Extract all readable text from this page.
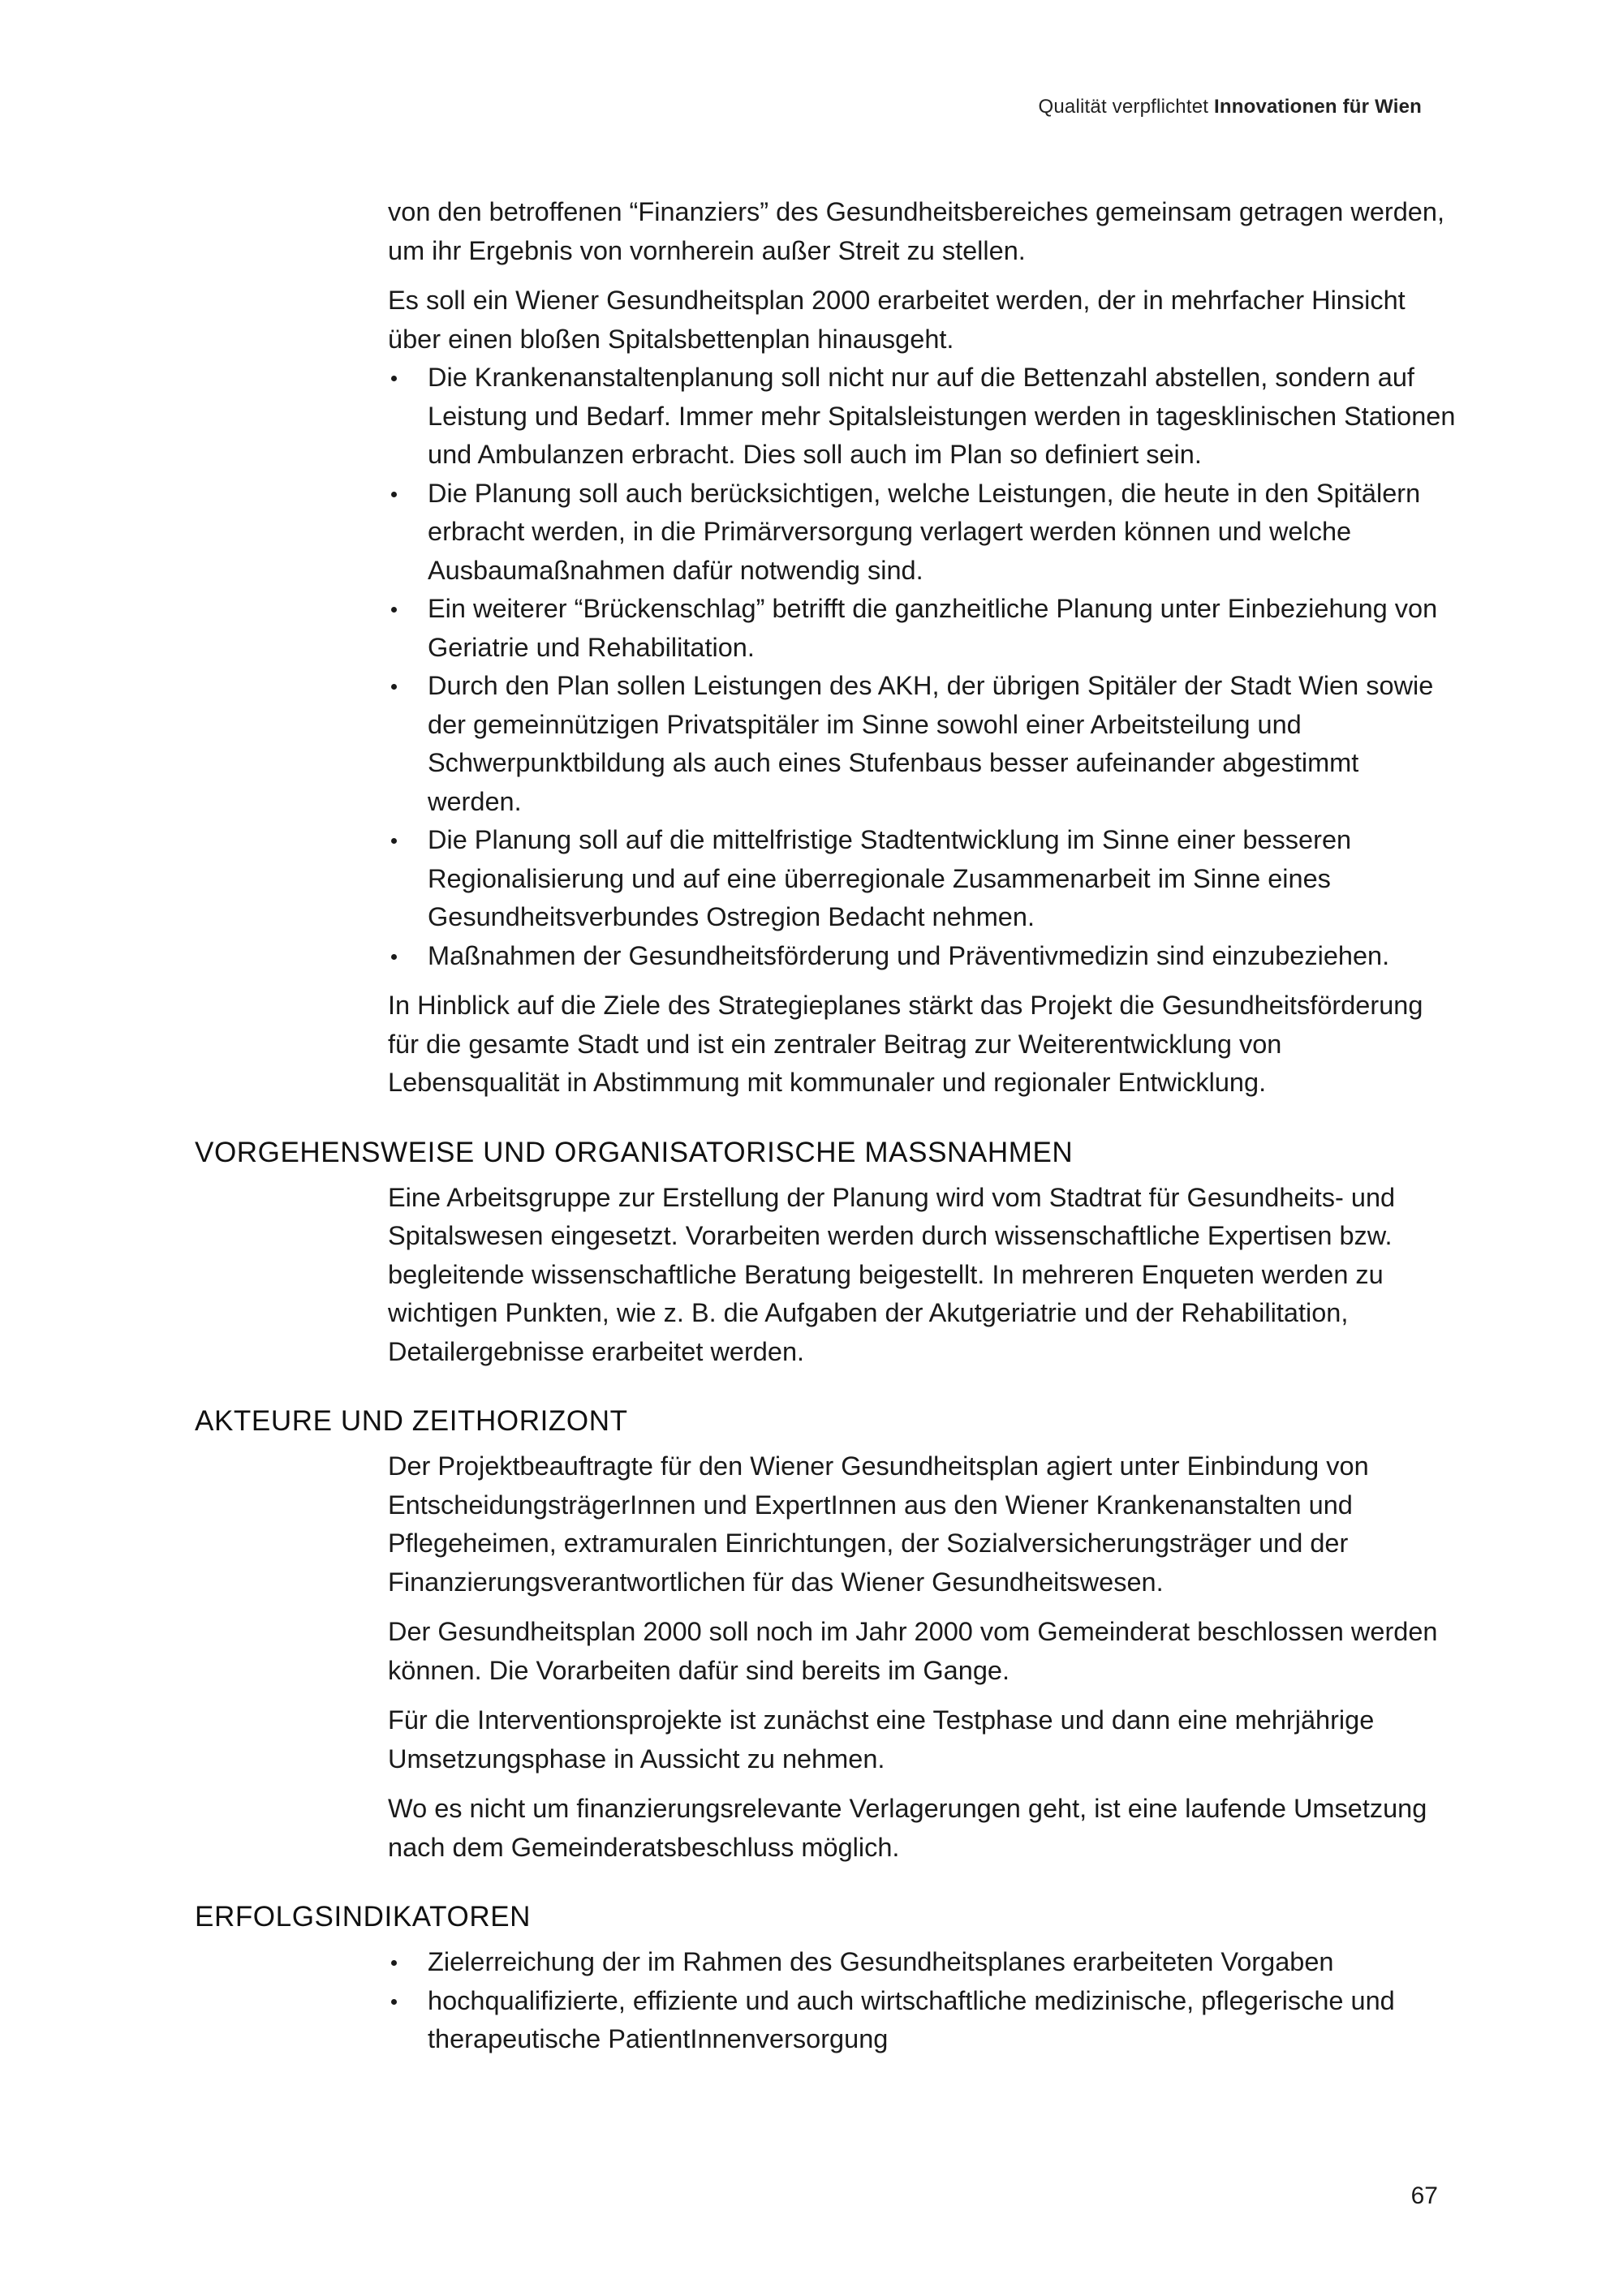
Qualität verpflichtet Innovationen für Wien

von den betroffenen “Finanziers” des Gesundheitsbereiches gemeinsam getragen werden, um ihr Ergebnis von vornherein außer Streit zu stellen.

Es soll ein Wiener Gesundheitsplan 2000 erarbeitet werden, der in mehrfacher Hinsicht über einen bloßen Spitalsbettenplan hinausgeht.

Die Krankenanstaltenplanung soll nicht nur auf die Bettenzahl abstellen, sondern auf Leistung und Bedarf. Immer mehr Spitalsleistungen werden in tagesklinischen Stationen und Ambulanzen erbracht. Dies soll auch im Plan so definiert sein.
Die Planung soll auch berücksichtigen, welche Leistungen, die heute in den Spitälern erbracht werden, in die Primärversorgung verlagert werden können und welche Ausbaumaßnahmen dafür notwendig sind.
Ein weiterer “Brückenschlag” betrifft die ganzheitliche Planung unter Einbeziehung von Geriatrie und Rehabilitation.
Durch den Plan sollen Leistungen des AKH, der übrigen Spitäler der Stadt Wien sowie der gemeinnützigen Privatspitäler im Sinne sowohl einer Arbeitsteilung und Schwerpunktbildung als auch eines Stufenbaus besser aufeinander abgestimmt werden.
Die Planung soll auf die mittelfristige Stadtentwicklung im Sinne einer besseren Regionalisierung und auf eine überregionale Zusammenarbeit im Sinne eines Gesundheitsverbundes Ostregion Bedacht nehmen.
Maßnahmen der Gesundheitsförderung und Präventivmedizin sind einzubeziehen.

In Hinblick auf die Ziele des Strategieplanes stärkt das Projekt die Gesundheitsförderung für die gesamte Stadt und ist ein zentraler Beitrag zur Weiterentwicklung von Lebensqualität in Abstimmung mit kommunaler und regionaler Entwicklung.

VORGEHENSWEISE UND ORGANISATORISCHE MASSNAHMEN

Eine Arbeitsgruppe zur Erstellung der Planung wird vom Stadtrat für Gesundheits- und Spitalswesen eingesetzt. Vorarbeiten werden durch wissenschaftliche Expertisen bzw. begleitende wissenschaftliche Beratung beigestellt. In mehreren Enqueten werden zu wichtigen Punkten, wie z. B. die Aufgaben der Akutgeriatrie und der Rehabilitation, Detailergebnisse erarbeitet werden.

AKTEURE UND ZEITHORIZONT

Der Projektbeauftragte für den Wiener Gesundheitsplan agiert unter Einbindung von EntscheidungsträgerInnen und ExpertInnen aus den Wiener Krankenanstalten und Pflegeheimen, extramuralen Einrichtungen, der Sozialversicherungsträger und der Finanzierungsverantwortlichen für das Wiener Gesundheitswesen.

Der Gesundheitsplan 2000 soll noch im Jahr 2000 vom Gemeinderat beschlossen werden können. Die Vorarbeiten dafür sind bereits im Gange.

Für die Interventionsprojekte ist zunächst eine Testphase und dann eine mehrjährige Umsetzungsphase in Aussicht zu nehmen.

Wo es nicht um finanzierungsrelevante Verlagerungen geht, ist eine laufende Umsetzung nach dem Gemeinderatsbeschluss möglich.

ERFOLGSINDIKATOREN
Zielerreichung der im Rahmen des Gesundheitsplanes erarbeiteten Vorgaben
hochqualifizierte, effiziente und auch wirtschaftliche medizinische, pflegerische und therapeutische PatientInnenversorgung
67
